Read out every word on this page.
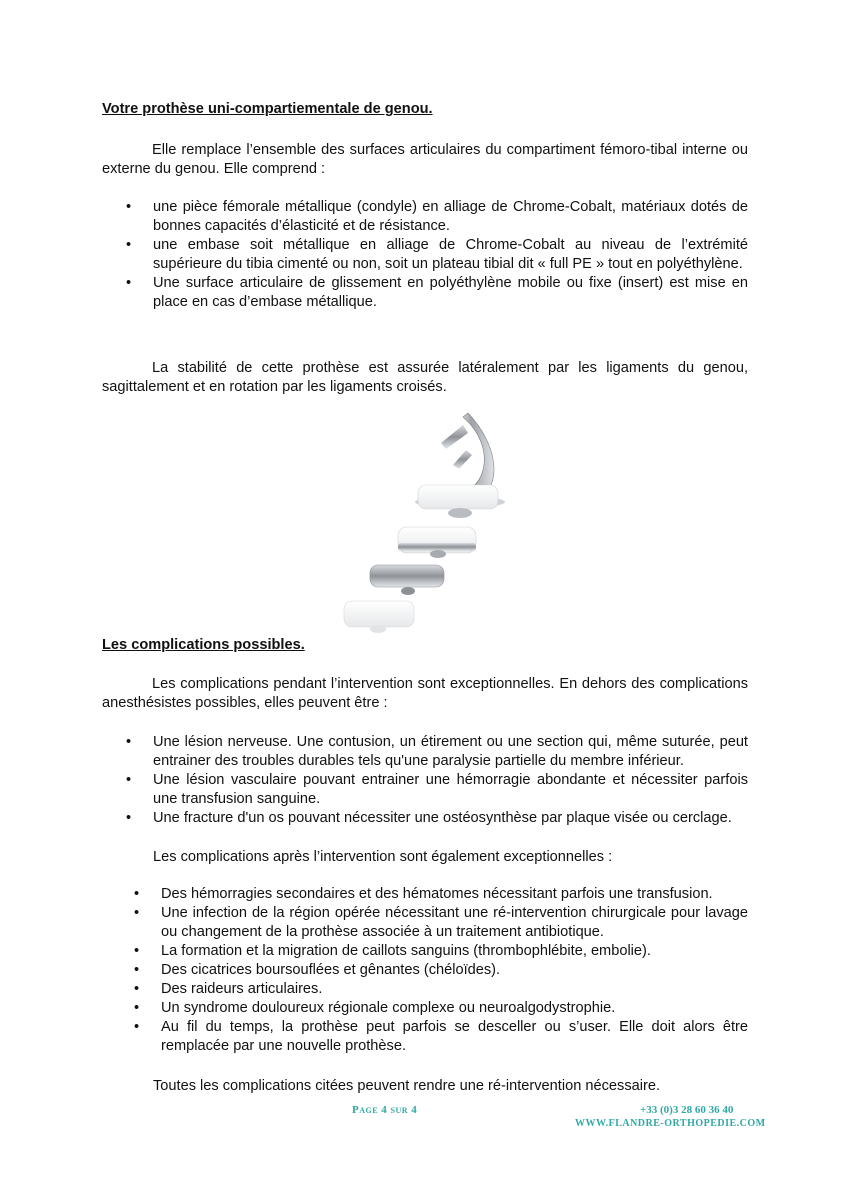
Votre prothèse uni-compartiementale de genou.
Elle remplace l’ensemble des surfaces articulaires du compartiment fémoro-tibal interne ou externe du genou. Elle comprend :
• une pièce fémorale métallique (condyle) en alliage de Chrome-Cobalt, matériaux dotés de bonnes capacités d’élasticité et de résistance.
• une embase soit métallique en alliage de Chrome-Cobalt au niveau de l’extrémité supérieure du tibia cimenté ou non, soit un plateau tibial dit « full PE » tout en polyéthylène.
• Une surface articulaire de glissement en polyéthylène mobile ou fixe (insert) est mise en place en cas d’embase métallique.
La stabilité de cette prothèse est assurée latéralement par les ligaments du genou, sagittalement et en rotation par les ligaments croisés.
Les complications possibles.
Les complications pendant l’intervention sont exceptionnelles. En dehors des complications anesthésistes possibles, elles peuvent être :
• Une lésion nerveuse. Une contusion, un étirement ou une section qui, même suturée, peut entrainer des troubles durables tels qu'une paralysie partielle du membre inférieur.
• Une lésion vasculaire pouvant entrainer une hémorragie abondante et nécessiter parfois une transfusion sanguine.
• Une fracture d'un os pouvant nécessiter une ostéosynthèse par plaque visée ou cerclage.
Les complications après l’intervention sont également exceptionnelles :
• Des hémorragies secondaires et des hématomes nécessitant parfois une transfusion.
• Une infection de la région opérée nécessitant une ré-intervention chirurgicale pour lavage ou changement de la prothèse associée à un traitement antibiotique.
• La formation et la migration de caillots sanguins (thrombophlébite, embolie).
• Des cicatrices boursouflées et gênantes (chéloïdes).
• Des raideurs articulaires.
• Un syndrome douloureux régionale complexe ou neuroalgodystrophie.
• Au fil du temps, la prothèse peut parfois se desceller ou s’user. Elle doit alors être remplacée par une nouvelle prothèse.
Toutes les complications citées peuvent rendre une ré-intervention nécessaire.
Page 4 sur 4	+33 (0)3 28 60 36 40
WWW.FLANDRE-ORTHOPEDIE.COM
